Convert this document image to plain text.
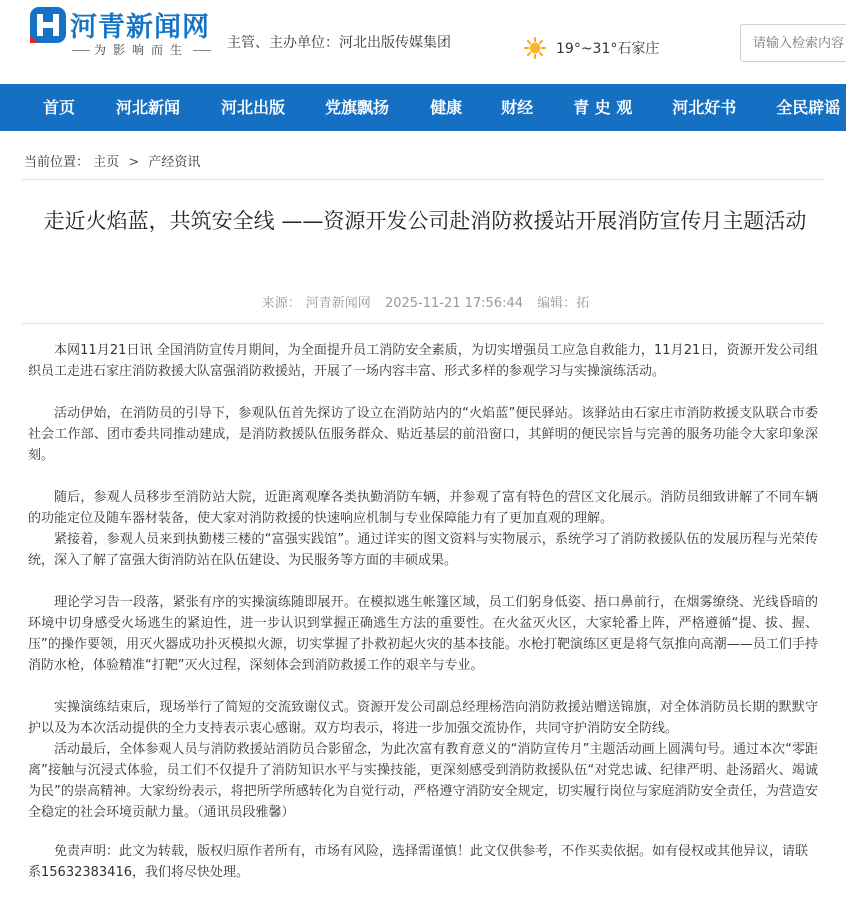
河青新闻网
为影响而生	主管、主办单位：河北出版传媒集团	19°~31°石家庄
请输入检索内容
首页	河北新闻	河北出版	党旗飘扬	健康 财经	青 史 观	河北好书	全民辟谣
当前位置： 主页 > 产经资讯
走近火焰蓝，共筑安全线 ——资源开发公司赴消防救援站开展消防宣传月主题活动
来源： 河青新闻网 2025-11-21 17:56:44 编辑：拓

本网11月21日讯 全国消防宣传月期间，为全面提升员工消防安全素质，为切实增强员工应急自救能力，11月21日，资源开发公司组织员工走进石家庄消防救援大队富强消防救援站，开展了一场内容丰富、形式多样的参观学习与实操演练活动。

活动伊始，在消防员的引导下，参观队伍首先探访了设立在消防站内的“火焰蓝”便民驿站。该驿站由石家庄市消防救援支队联合市委社会工作部、团市委共同推动建成，是消防救援队伍服务群众、贴近基层的前沿窗口，其鲜明的便民宗旨与完善的服务功能令大家印象深刻。

随后，参观人员移步至消防站大院，近距离观摩各类执勤消防车辆，并参观了富有特色的营区文化展示。消防员细致讲解了不同车辆的功能定位及随车器材装备，使大家对消防救援的快速响应机制与专业保障能力有了更加直观的理解。

紧接着，参观人员来到执勤楼三楼的“富强实践馆”。通过详实的图文资料与实物展示，系统学习了消防救援队伍的发展历程与光荣传统，深入了解了富强大街消防站在队伍建设、为民服务等方面的丰硕成果。

理论学习告一段落，紧张有序的实操演练随即展开。在模拟逃生帐篷区域，员工们躬身低姿、捂口鼻前行，在烟雾缭绕、光线昏暗的环境中切身感受火场逃生的紧迫性，进一步认识到掌握正确逃生方法的重要性。在火盆灭火区，大家轮番上阵，严格遵循“提、拔、握、压”的操作要领，用灭火器成功扑灭模拟火源，切实掌握了扑救初起火灾的基本技能。水枪打靶演练区更是将气氛推向高潮——员工们手持消防水枪，体验精准“打靶”灭火过程，深刻体会到消防救援工作的艰辛与专业。

实操演练结束后，现场举行了简短的交流致谢仪式。资源开发公司副总经理杨浩向消防救援站赠送锦旗，对全体消防员长期的默默守护以及为本次活动提供的全力支持表示衷心感谢。双方均表示，将进一步加强交流协作，共同守护消防安全防线。

活动最后，全体参观人员与消防救援站消防员合影留念，为此次富有教育意义的“消防宣传月”主题活动画上圆满句号。通过本次“零距离”接触与沉浸式体验，员工们不仅提升了消防知识水平与实操技能，更深刻感受到消防救援队伍“对党忠诚、纪律严明、赴汤蹈火、竭诚为民”的崇高精神。大家纷纷表示，将把所学所感转化为自觉行动，严格遵守消防安全规定，切实履行岗位与家庭消防安全责任，为营造安全稳定的社会环境贡献力量。（通讯员段雅馨）

免责声明：此文为转载，版权归原作者所有，市场有风险，选择需谨慎！此文仅供参考，不作买卖依据。如有侵权或其他异议，请联系15632383416，我们将尽快处理。
